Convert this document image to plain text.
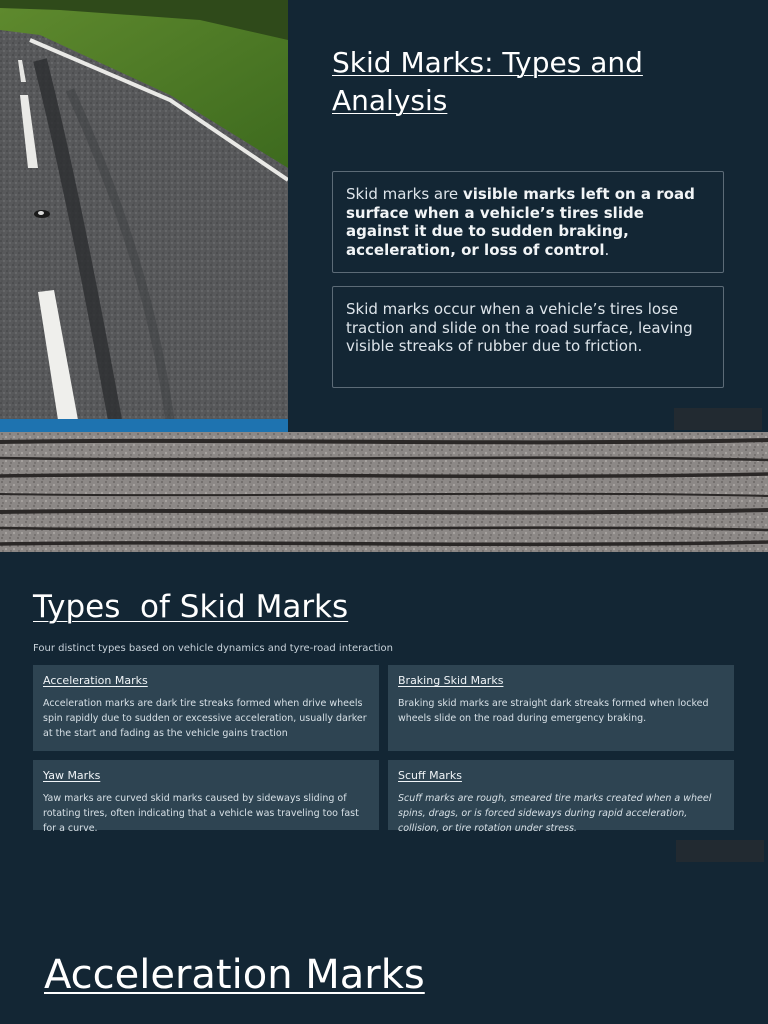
Skid Marks: Types and Analysis
Skid marks are visible marks left on a road surface when a vehicle’s tires slide against it due to sudden braking, acceleration, or loss of control.
Skid marks occur when a vehicle’s tires lose traction and slide on the road surface, leaving visible streaks of rubber due to friction.
Types  of Skid Marks
Four distinct types based on vehicle dynamics and tyre-road interaction
Acceleration Marks
Acceleration marks are dark tire streaks formed when drive wheels spin rapidly due to sudden or excessive acceleration, usually darker at the start and fading as the vehicle gains traction
Braking Skid Marks
Braking skid marks are straight dark streaks formed when locked wheels slide on the road during emergency braking.
Yaw Marks
Yaw marks are curved skid marks caused by sideways sliding of rotating tires, often indicating that a vehicle was traveling too fast for a curve.
Scuff Marks
Scuff marks are rough, smeared tire marks created when a wheel spins, drags, or is forced sideways during rapid acceleration, collision, or tire rotation under stress.
Acceleration Marks
